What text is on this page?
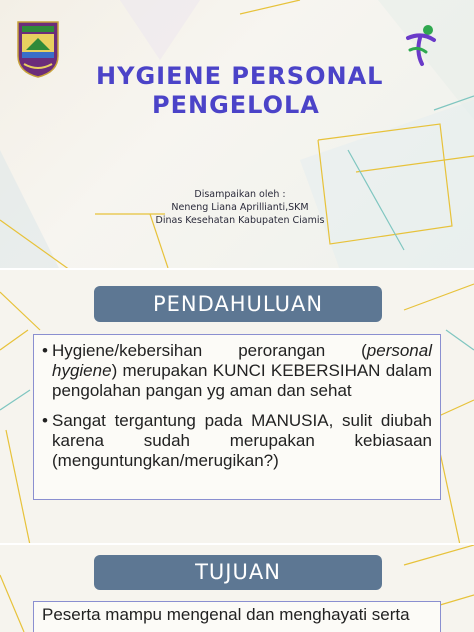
HYGIENE PERSONAL
PENGELOLA
Disampaikan oleh :
Neneng Liana Aprillianti,SKM
Dinas Kesehatan Kabupaten Ciamis
PENDAHULUAN
• Hygiene/kebersihan perorangan (personal hygiene) merupakan KUNCI KEBERSIHAN dalam pengolahan pangan yg aman dan sehat
• Sangat tergantung pada MANUSIA, sulit diubah karena sudah merupakan kebiasaan (menguntungkan/merugikan?)
TUJUAN
Peserta mampu mengenal dan menghayati serta
